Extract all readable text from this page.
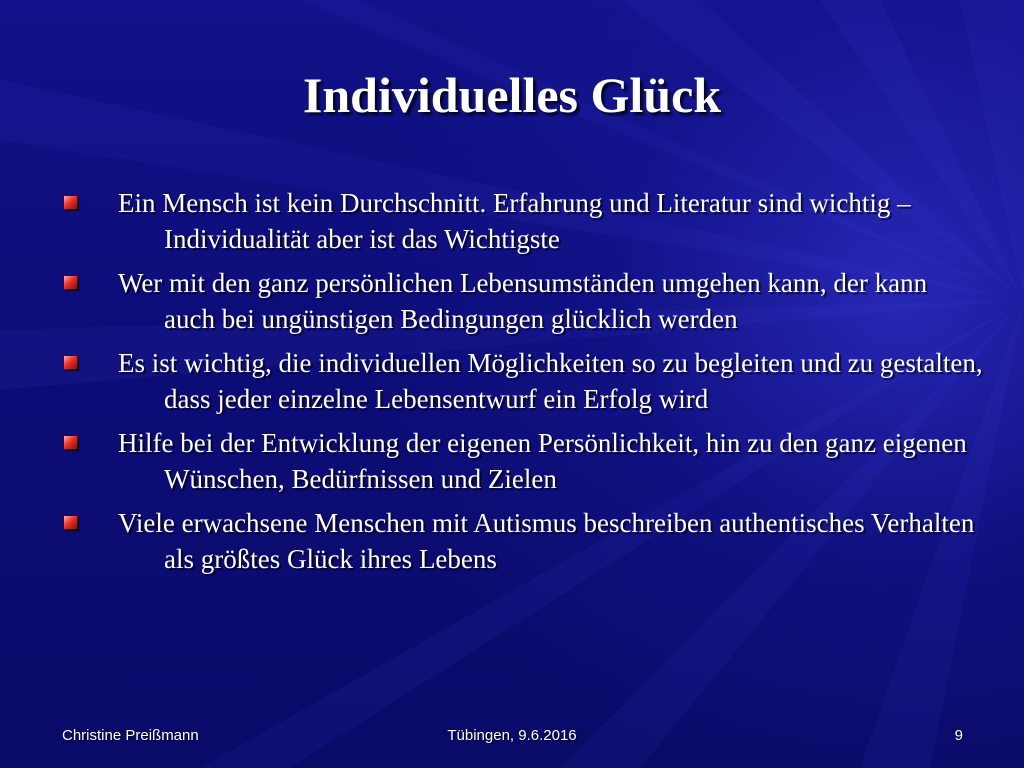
Individuelles Glück
Ein Mensch ist kein Durchschnitt. Erfahrung und Literatur sind wichtig – Individualität aber ist das Wichtigste
Wer mit den ganz persönlichen Lebensumständen umgehen kann, der kann auch bei ungünstigen Bedingungen glücklich werden
Es ist wichtig, die individuellen Möglichkeiten so zu begleiten und zu gestalten, dass jeder einzelne Lebensentwurf ein Erfolg wird
Hilfe bei der Entwicklung der eigenen Persönlichkeit, hin zu den ganz eigenen Wünschen, Bedürfnissen und Zielen
Viele erwachsene Menschen mit Autismus beschreiben authentisches Verhalten als größtes Glück ihres Lebens
Christine Preißmann	Tübingen, 9.6.2016	9
